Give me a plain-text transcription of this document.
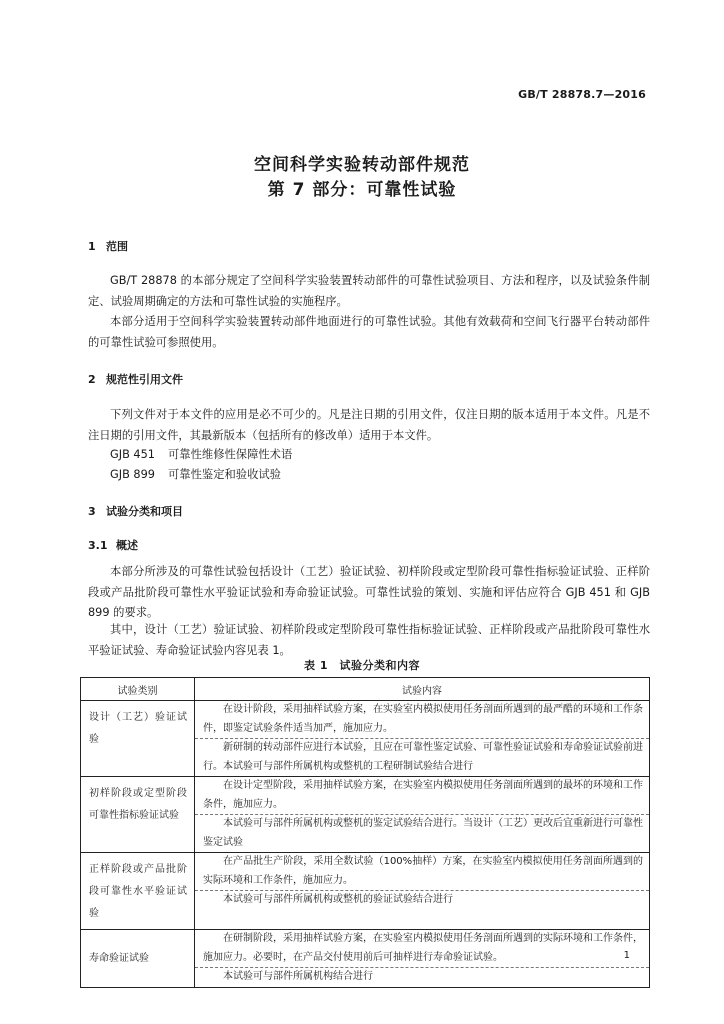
GB/T 28878.7—2016
空间科学实验转动部件规范
第 7 部分：可靠性试验
1 范围
GB/T 28878 的本部分规定了空间科学实验装置转动部件的可靠性试验项目、方法和程序，以及试验条件制定、试验周期确定的方法和可靠性试验的实施程序。
本部分适用于空间科学实验装置转动部件地面进行的可靠性试验。其他有效载荷和空间飞行器平台转动部件的可靠性试验可参照使用。
2 规范性引用文件
下列文件对于本文件的应用是必不可少的。凡是注日期的引用文件，仅注日期的版本适用于本文件。凡是不注日期的引用文件，其最新版本（包括所有的修改单）适用于本文件。
GJB 451 可靠性维修性保障性术语
GJB 899 可靠性鉴定和验收试验
3 试验分类和项目
3.1 概述
本部分所涉及的可靠性试验包括设计（工艺）验证试验、初样阶段或定型阶段可靠性指标验证试验、正样阶段或产品批阶段可靠性水平验证试验和寿命验证试验。可靠性试验的策划、实施和评估应符合 GJB 451 和 GJB 899 的要求。
其中，设计（工艺）验证试验、初样阶段或定型阶段可靠性指标验证试验、正样阶段或产品批阶段可靠性水平验证试验、寿命验证试验内容见表 1。
表 1　试验分类和内容
试验类别	试验内容
设计（工艺）验证试验	在设计阶段，采用抽样试验方案，在实验室内模拟使用任务剖面所遇到的最严酷的环境和工作条件，即鉴定试验条件适当加严，施加应力。

新研制的转动部件应进行本试验，且应在可靠性鉴定试验、可靠性验证试验和寿命验证试验前进行。本试验可与部件所属机构或整机的工程研制试验结合进行

初样阶段或定型阶段可靠性指标验证试验	在设计定型阶段，采用抽样试验方案，在实验室内模拟使用任务剖面所遇到的最坏的环境和工作条件，施加应力。

本试验可与部件所属机构或整机的鉴定试验结合进行。当设计（工艺）更改后宜重新进行可靠性鉴定试验

正样阶段或产品批阶段可靠性水平验证试验	在产品批生产阶段，采用全数试验（100%抽样）方案，在实验室内模拟使用任务剖面所遇到的实际环境和工作条件，施加应力。

本试验可与部件所属机构或整机的验证试验结合进行

寿命验证试验	在研制阶段，采用抽样试验方案，在实验室内模拟使用任务剖面所遇到的实际环境和工作条件，施加应力。必要时，在产品交付使用前后可抽样进行寿命验证试验。

本试验可与部件所属机构结合进行

1
